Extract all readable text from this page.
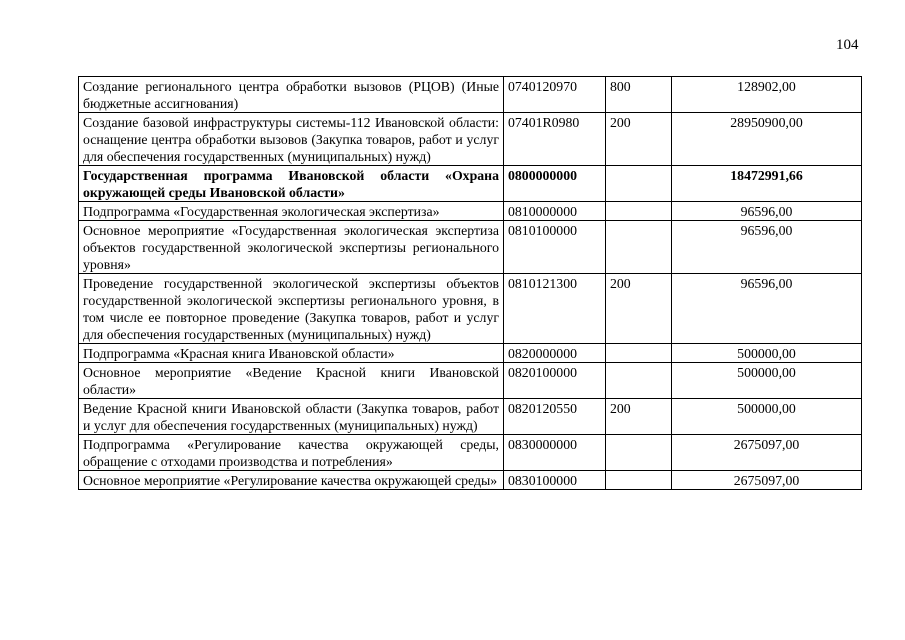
104
Создание регионального центра обработки вызовов (РЦОВ) (Иные бюджетные ассигнования)	0740120970	800	128902,00
Создание базовой инфраструктуры системы-112 Ивановской области: оснащение центра обработки вызовов (Закупка товаров, работ и услуг для обеспечения государственных (муниципальных) нужд)	07401R0980	200	28950900,00
Государственная программа Ивановской области «Охрана окружающей среды Ивановской области»	0800000000		18472991,66
Подпрограмма «Государственная экологическая экспертиза»	0810000000		96596,00
Основное мероприятие «Государственная экологическая экспертиза объектов государственной экологической экспертизы регионального уровня»	0810100000		96596,00
Проведение государственной экологической экспертизы объектов государственной экологической экспертизы регионального уровня, в том числе ее повторное проведение (Закупка товаров, работ и услуг для обеспечения государственных (муниципальных) нужд)	0810121300	200	96596,00
Подпрограмма «Красная книга Ивановской области»	0820000000		500000,00
Основное мероприятие «Ведение Красной книги Ивановской области»	0820100000		500000,00
Ведение Красной книги Ивановской области (Закупка товаров, работ и услуг для обеспечения государственных (муниципальных) нужд)	0820120550	200	500000,00
Подпрограмма «Регулирование качества окружающей среды, обращение с отходами производства и потребления»	0830000000		2675097,00
Основное мероприятие «Регулирование качества окружающей среды»	0830100000		2675097,00
